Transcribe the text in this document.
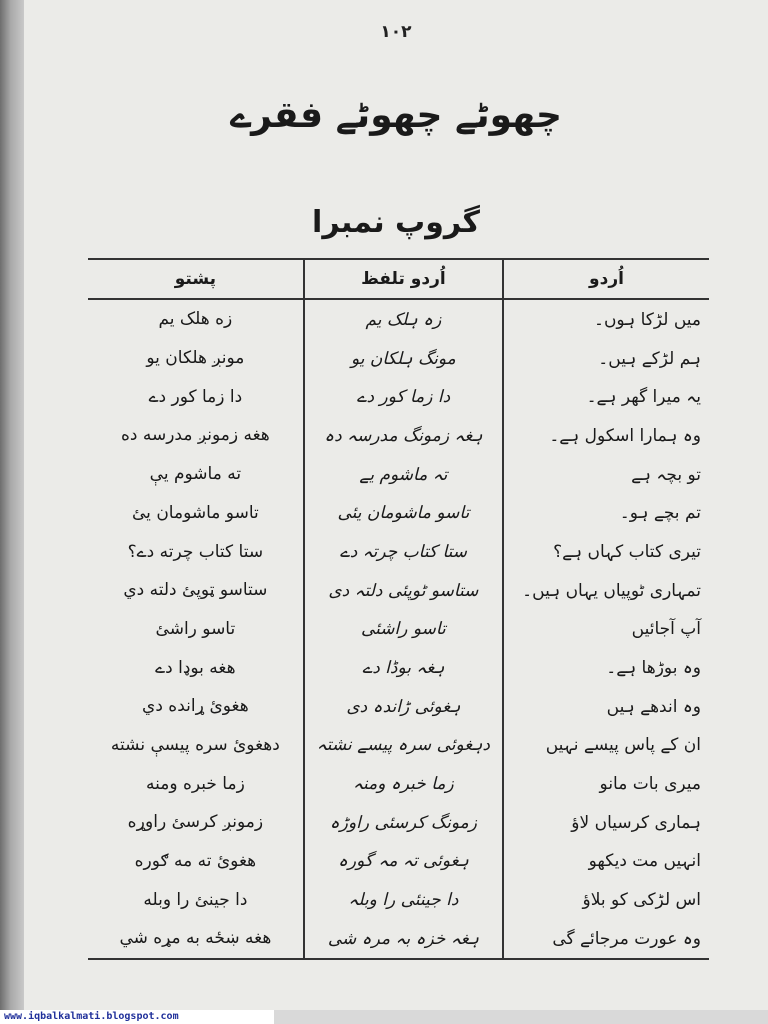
۱۰۲
چھوٹے چھوٹے فقرے
گروپ نمبرا
اُردو	اُردو تلفظ	پشتو
میں لڑکا ہوں۔	زہ ہلک یم	زه هلک یم
ہم لڑکے ہیں۔	مونگ ہلکان یو	مونږ هلکان یو
یہ میرا گھر ہے۔	دا زما کور دے	دا زما کور دے
وہ ہمارا اسکول ہے۔	ہغہ زمونگ مدرسہ دہ	هغه زمونږ مدرسه ده
تو بچہ ہے	تہ ماشوم یے	ته ماشوم یې
تم بچے ہو۔	تاسو ماشومان یئی	تاسو ماشومان یئ
تیری کتاب کہاں ہے؟	ستا کتاب چرتہ دے	ستا کتاب چرته دے؟
تمہاری ٹوپیاں یہاں ہیں۔	ستاسو ٹوپئی دلتہ دی	ستاسو ټوپئ دلته دي
آپ آجائیں	تاسو راشئی	تاسو راشئ
وہ بوڑھا ہے۔	ہغہ بوڈا دے	هغه بوډا دے
وہ اندھے ہیں	ہغوئی ڑاندہ دی	هغوئ ړانده دي
ان کے پاس پیسے نہیں	دہغوئی سرہ پیسے نشتہ	دهغوئ سره پیسې نشته
میری بات مانو	زما خبرہ ومنہ	زما خبره ومنه
ہماری کرسیاں لاؤ	زمونگ کرسئی راوڑہ	زمونږ کرسئ راوړه
انہیں مت دیکھو	ہغوئی تہ مہ گورہ	هغوئ ته مه ګوره
اس لڑکی کو بلاؤ	دا جینئی را وبلہ	دا جینئ را وبله
وہ عورت مرجائے گی	ہغہ خزہ بہ مرہ شی	هغه ښځه به مړه شي
www.iqbalkalmati.blogspot.com
